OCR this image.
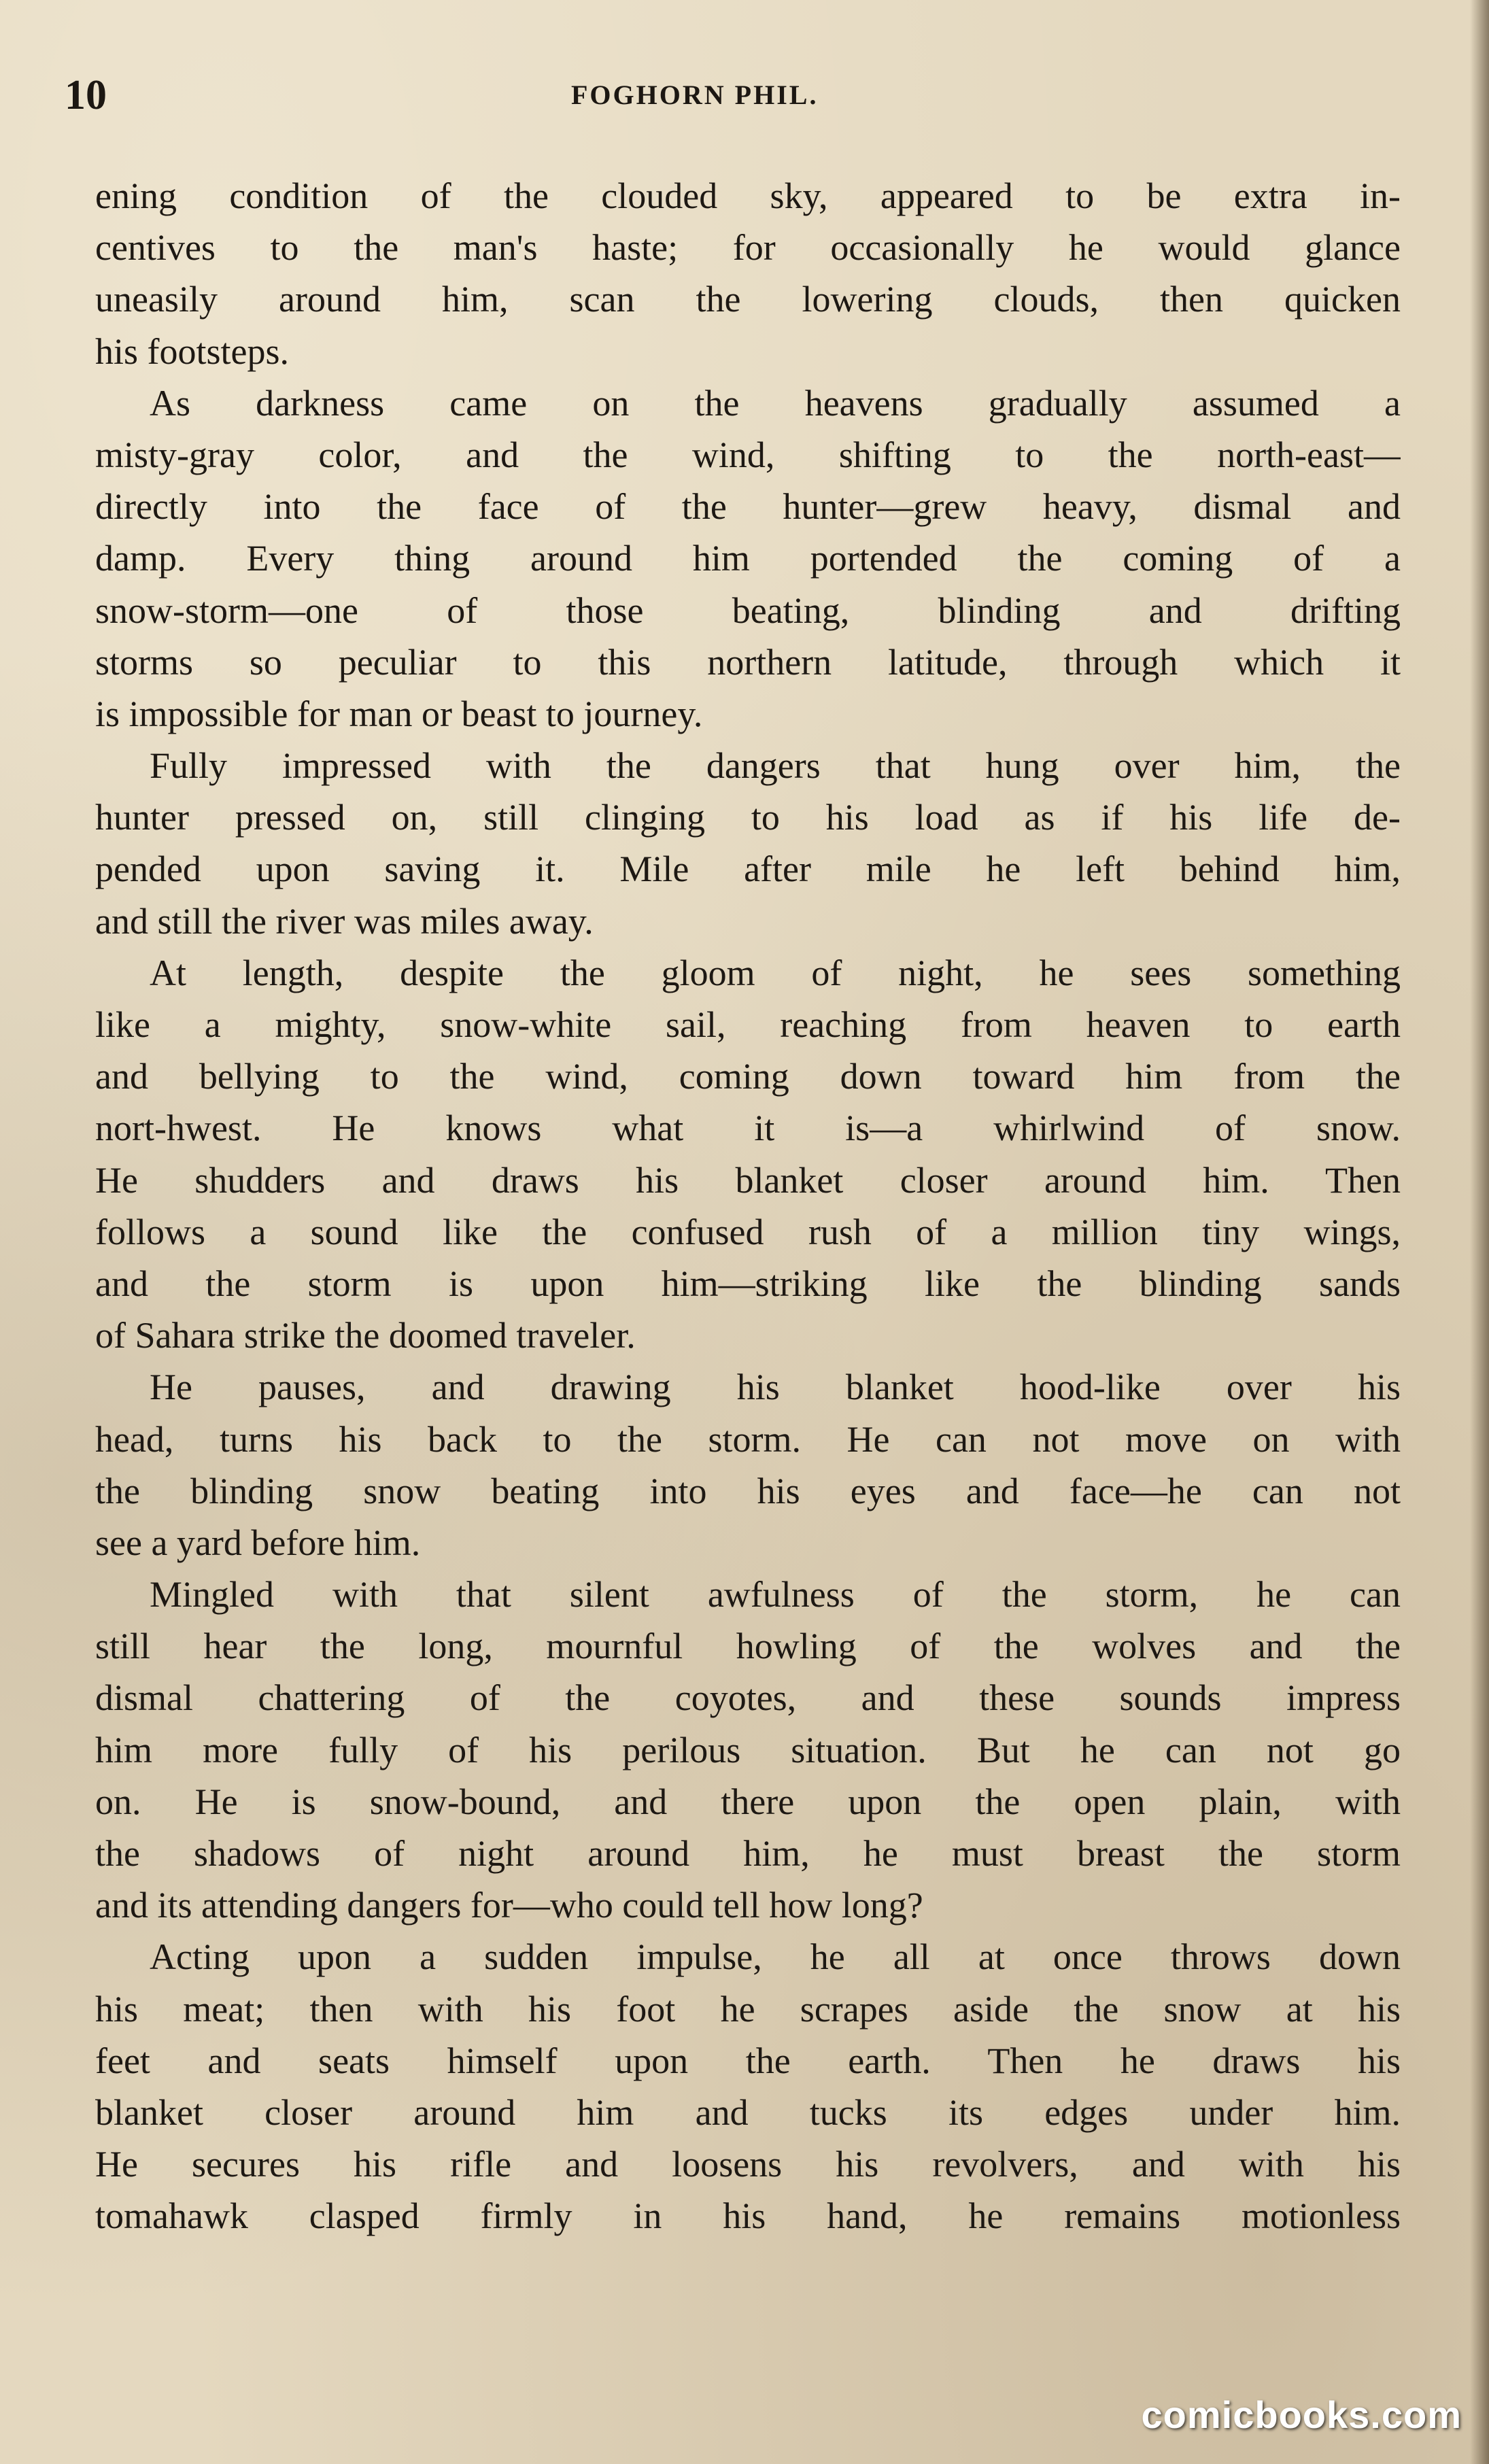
10	FOGHORN PHIL.
ening condition of the clouded sky, appeared to be extra in-
centives to the man's haste; for occasionally he would glance
uneasily around him, scan the lowering clouds, then quicken
his footsteps.
As darkness came on the heavens gradually assumed a
misty-gray color, and the wind, shifting to the north-east—
directly into the face of the hunter—grew heavy, dismal and
damp. Every thing around him portended the coming of a
snow-storm—one of those beating, blinding and drifting
storms so peculiar to this northern latitude, through which it
is impossible for man or beast to journey.
Fully impressed with the dangers that hung over him, the
hunter pressed on, still clinging to his load as if his life de-
pended upon saving it. Mile after mile he left behind him,
and still the river was miles away.
At length, despite the gloom of night, he sees something
like a mighty, snow-white sail, reaching from heaven to earth
and bellying to the wind, coming down toward him from the
nort-hwest. He knows what it is—a whirlwind of snow.
He shudders and draws his blanket closer around him. Then
follows a sound like the confused rush of a million tiny wings,
and the storm is upon him—striking like the blinding sands
of Sahara strike the doomed traveler.
He pauses, and drawing his blanket hood-like over his
head, turns his back to the storm. He can not move on with
the blinding snow beating into his eyes and face—he can not
see a yard before him.
Mingled with that silent awfulness of the storm, he can
still hear the long, mournful howling of the wolves and the
dismal chattering of the coyotes, and these sounds impress
him more fully of his perilous situation. But he can not go
on. He is snow-bound, and there upon the open plain, with
the shadows of night around him, he must breast the storm
and its attending dangers for—who could tell how long?
Acting upon a sudden impulse, he all at once throws down
his meat; then with his foot he scrapes aside the snow at his
feet and seats himself upon the earth. Then he draws his
blanket closer around him and tucks its edges under him.
He secures his rifle and loosens his revolvers, and with his
tomahawk clasped firmly in his hand, he remains motionless
comicbooks.com
